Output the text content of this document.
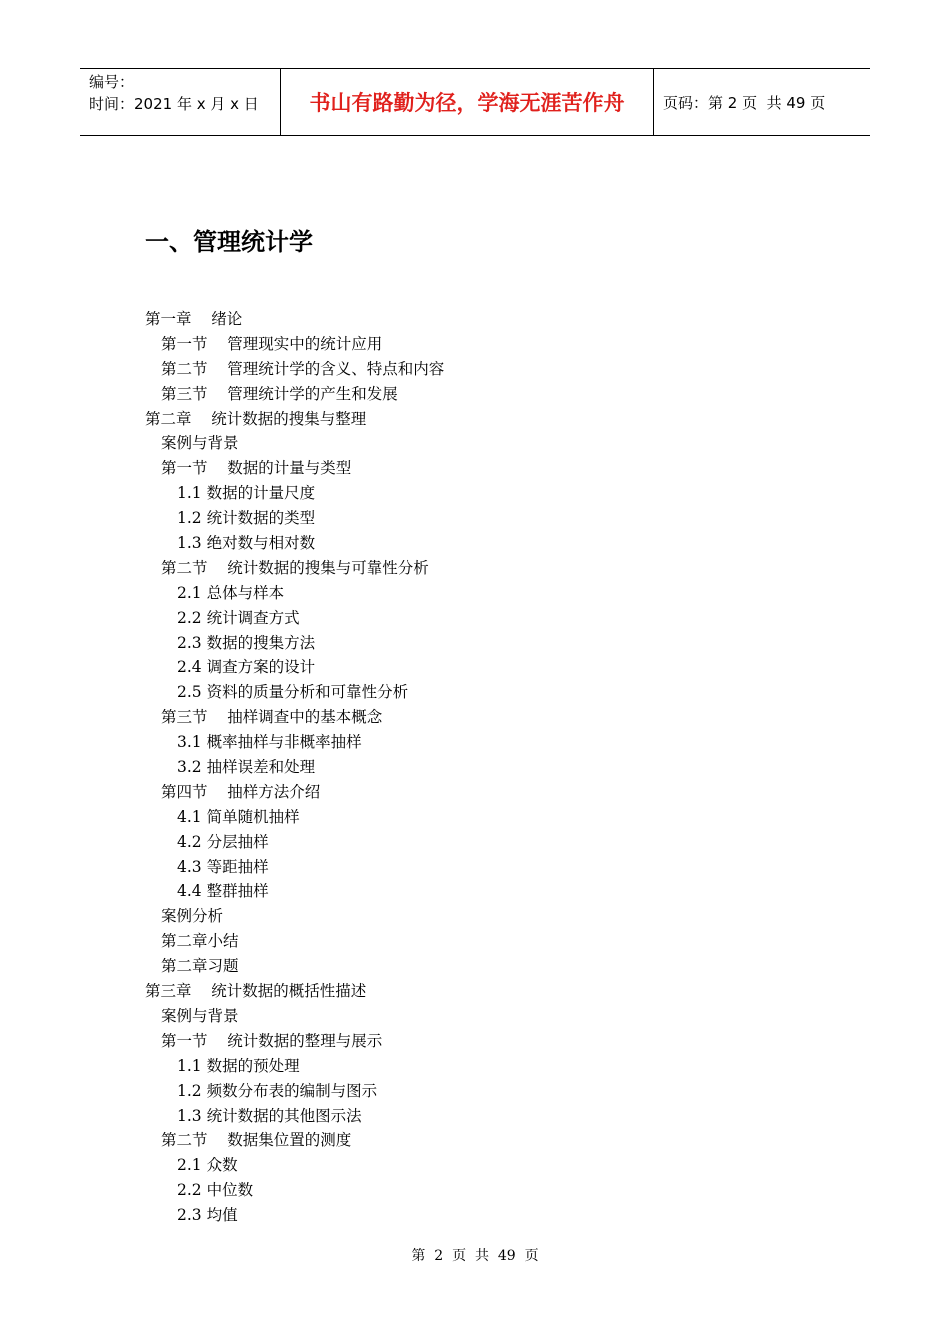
编号：
时间：2021 年 x 月 x 日	书山有路勤为径，学海无涯苦作舟	页码：第 2 页  共 49 页
一、管理统计学
第一章    绪论
第一节    管理现实中的统计应用
第二节    管理统计学的含义、特点和内容
第三节    管理统计学的产生和发展
第二章    统计数据的搜集与整理
案例与背景
第一节    数据的计量与类型
1.1 数据的计量尺度
1.2 统计数据的类型
1.3 绝对数与相对数
第二节    统计数据的搜集与可靠性分析
2.1 总体与样本
2.2 统计调查方式
2.3 数据的搜集方法
2.4 调查方案的设计
2.5 资料的质量分析和可靠性分析
第三节    抽样调查中的基本概念
3.1 概率抽样与非概率抽样
3.2 抽样误差和处理
第四节    抽样方法介绍
4.1 简单随机抽样
4.2 分层抽样
4.3 等距抽样
4.4 整群抽样
案例分析
第二章小结
第二章习题
第三章    统计数据的概括性描述
案例与背景
第一节    统计数据的整理与展示
1.1 数据的预处理
1.2 频数分布表的编制与图示
1.3 统计数据的其他图示法
第二节    数据集位置的测度
2.1 众数
2.2 中位数
2.3 均值
第  2  页  共  49  页
